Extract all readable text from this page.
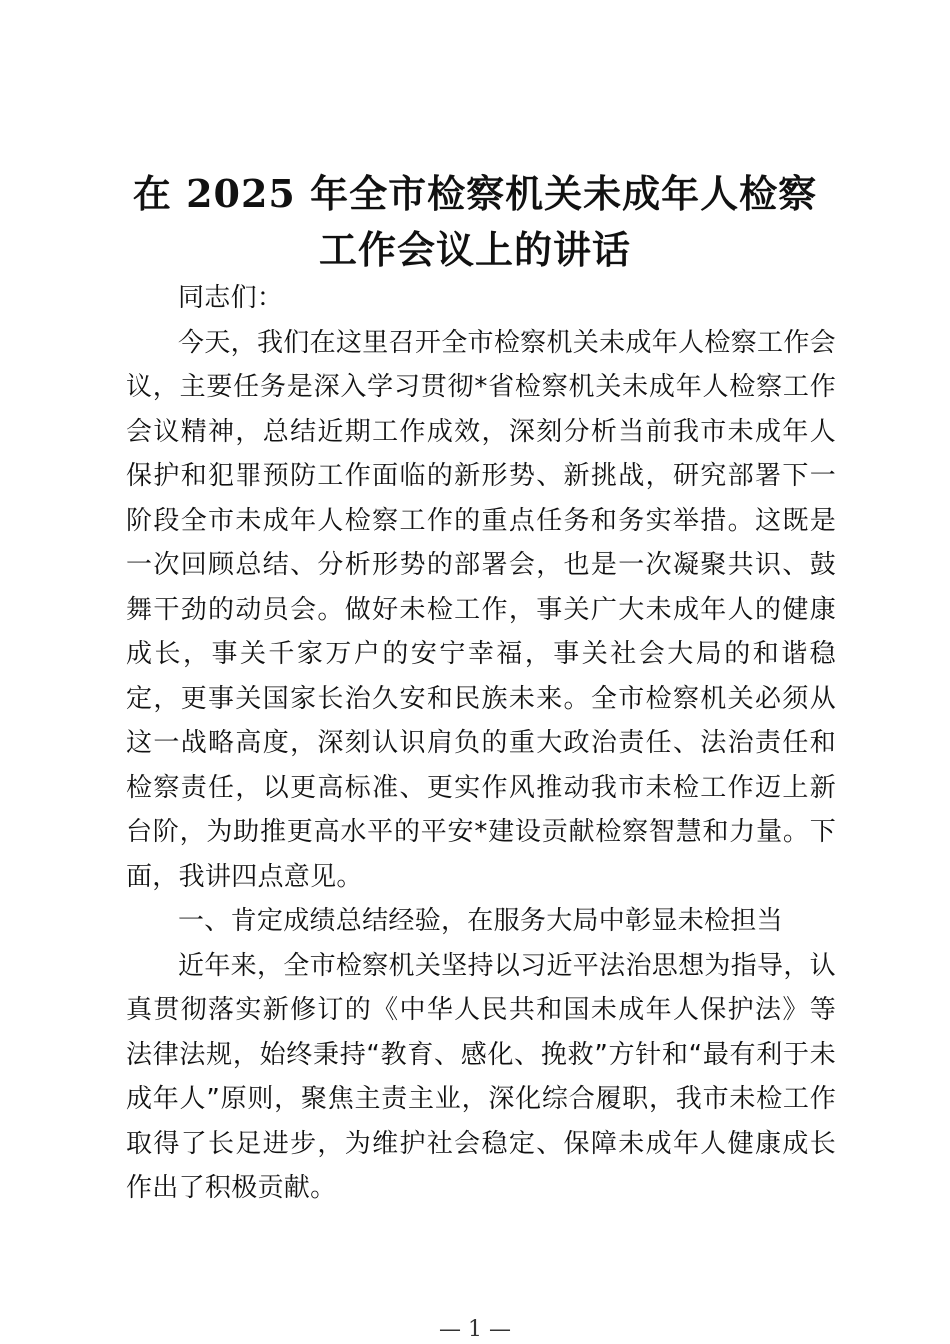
在 2025 年全市检察机关未成年人检察
工作会议上的讲话

同志们：

今天，我们在这里召开全市检察机关未成年人检察工作会议，主要任务是深入学习贯彻*省检察机关未成年人检察工作会议精神，总结近期工作成效，深刻分析当前我市未成年人保护和犯罪预防工作面临的新形势、新挑战，研究部署下一阶段全市未成年人检察工作的重点任务和务实举措。这既是一次回顾总结、分析形势的部署会，也是一次凝聚共识、鼓舞干劲的动员会。做好未检工作，事关广大未成年人的健康成长，事关千家万户的安宁幸福，事关社会大局的和谐稳定，更事关国家长治久安和民族未来。全市检察机关必须从这一战略高度，深刻认识肩负的重大政治责任、法治责任和检察责任，以更高标准、更实作风推动我市未检工作迈上新台阶，为助推更高水平的平安*建设贡献检察智慧和力量。下面，我讲四点意见。

一、肯定成绩总结经验，在服务大局中彰显未检担当

近年来，全市检察机关坚持以习近平法治思想为指导，认真贯彻落实新修订的《中华人民共和国未成年人保护法》等法律法规，始终秉持“教育、感化、挽救”方针和“最有利于未成年人”原则，聚焦主责主业，深化综合履职，我市未检工作取得了长足进步，为维护社会稳定、保障未成年人健康成长作出了积极贡献。

— 1 —
